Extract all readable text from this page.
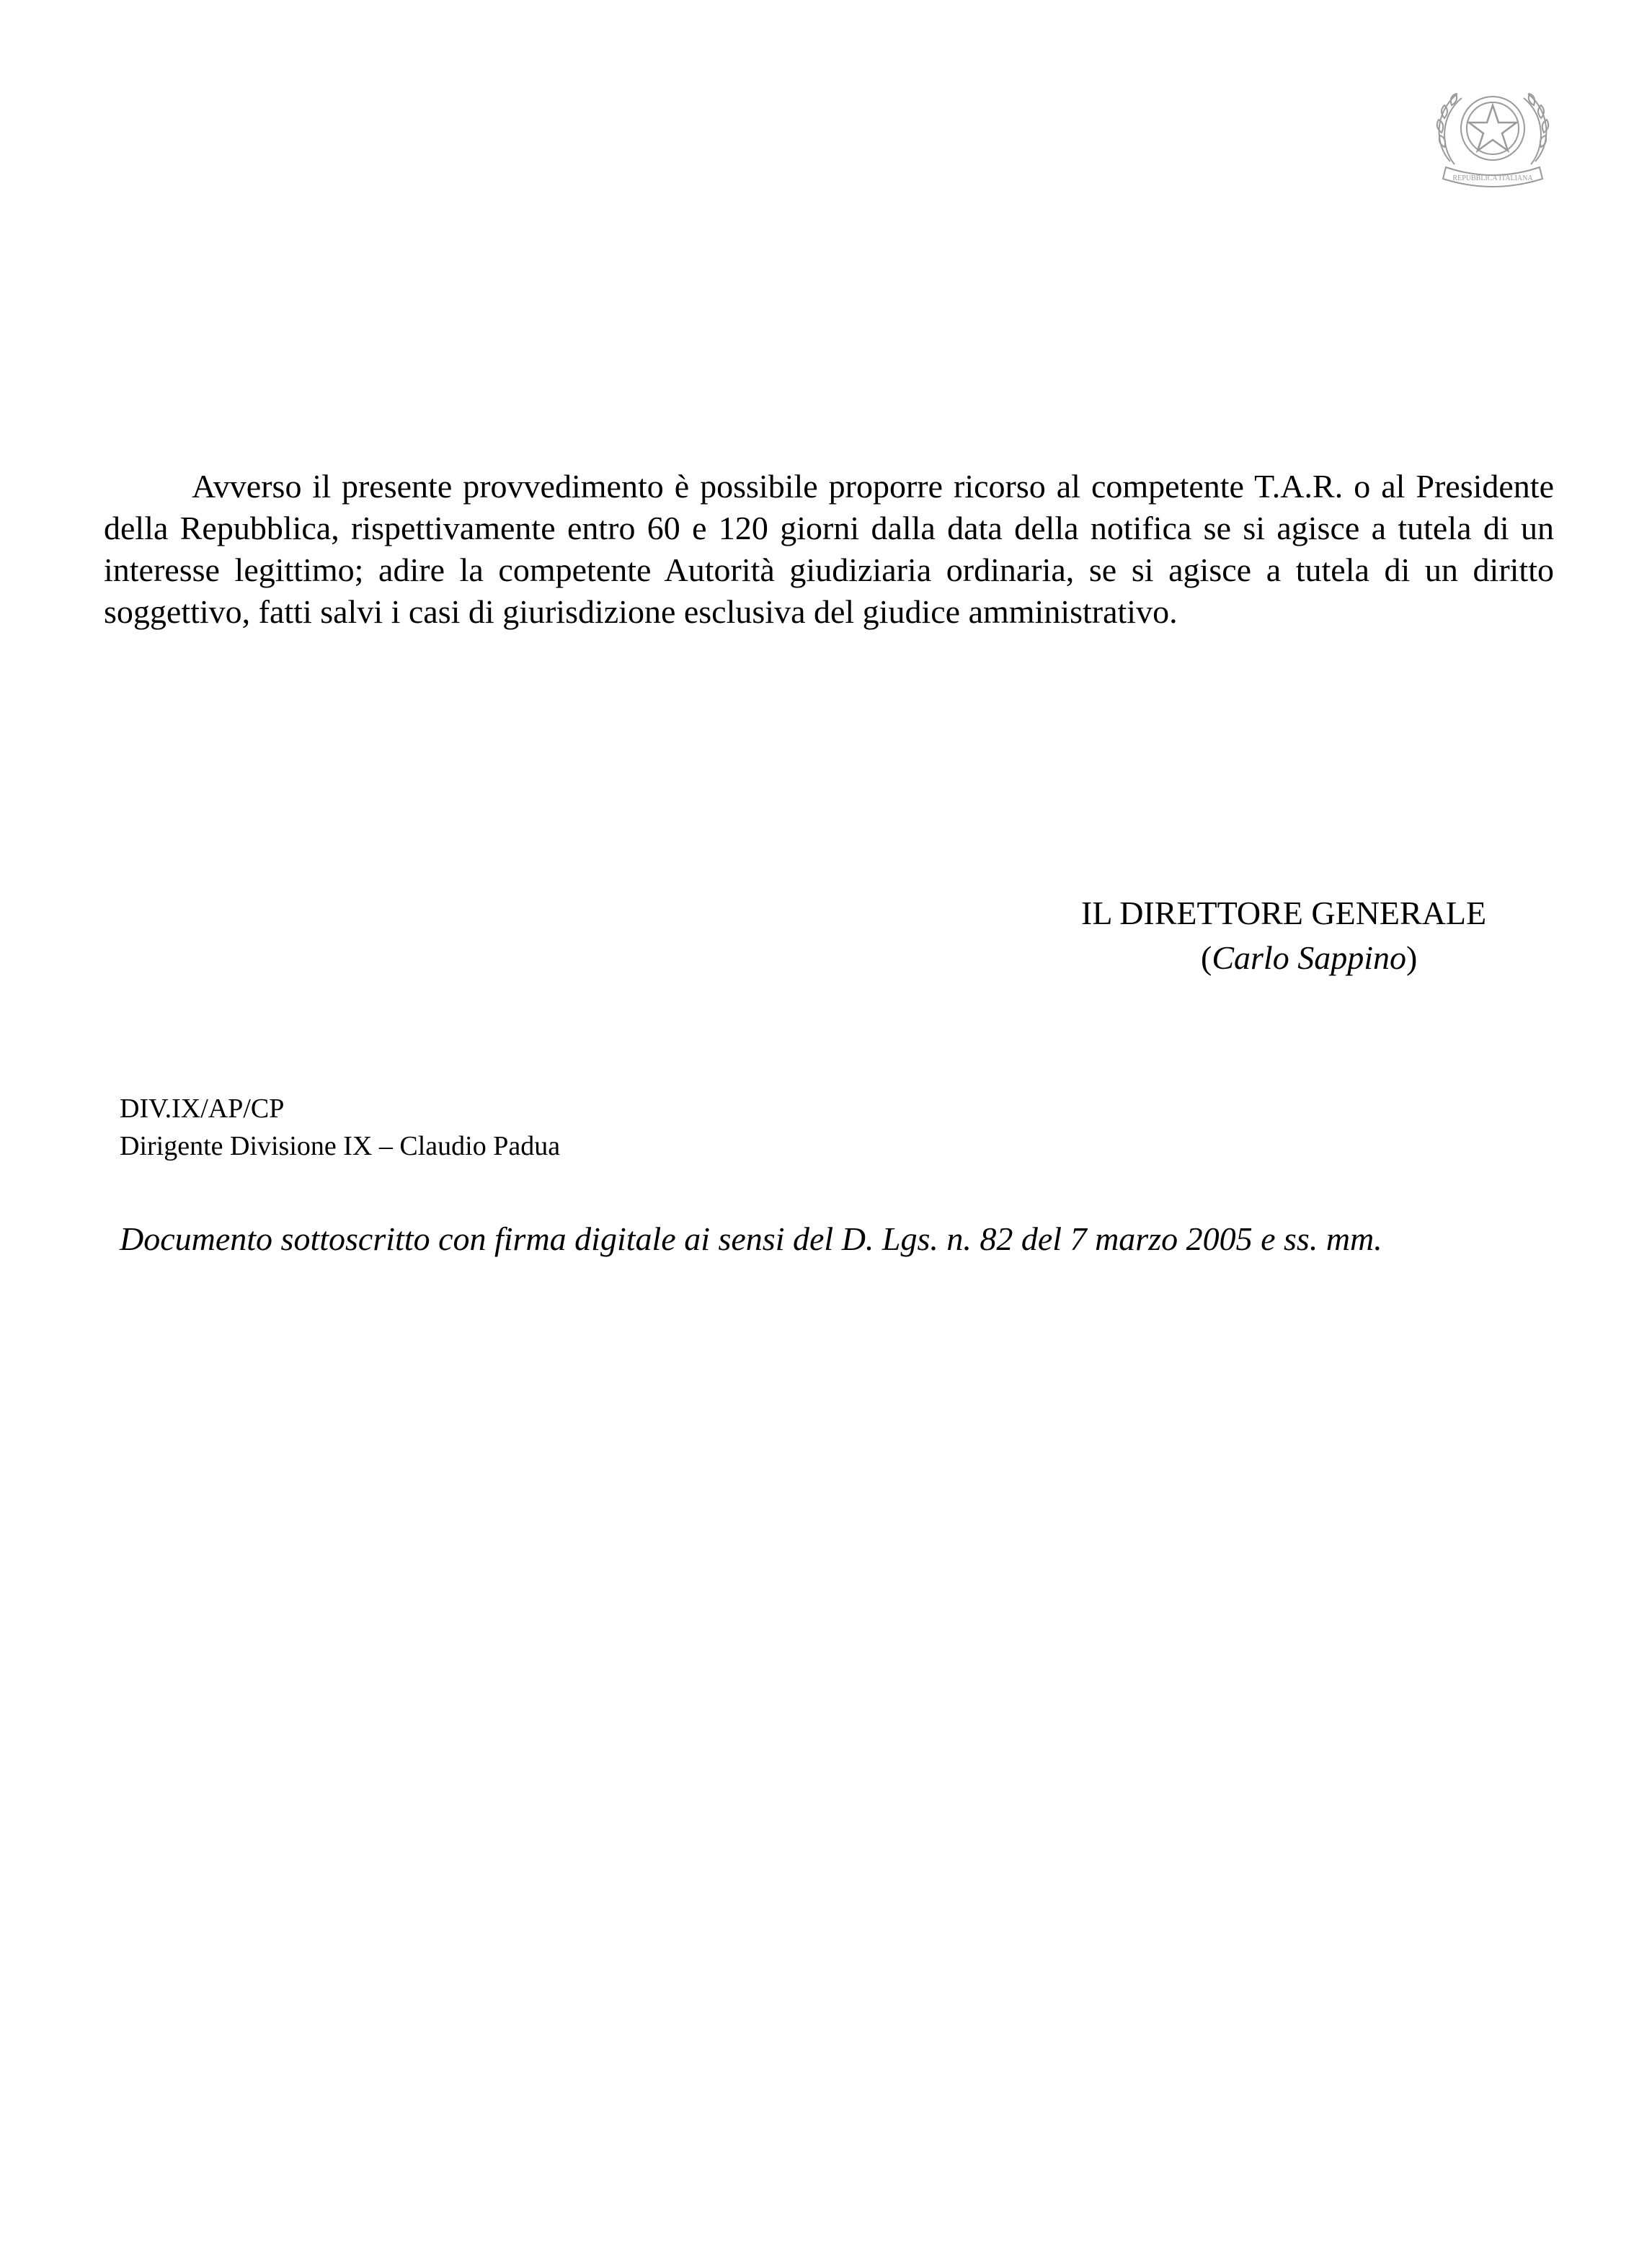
REPUBBLICA ITALIANA

Avverso il presente provvedimento è possibile proporre ricorso al competente T.A.R. o al Presidente della Repubblica, rispettivamente entro 60 e 120 giorni dalla data della notifica se si agisce a tutela di un interesse legittimo; adire la competente Autorità giudiziaria ordinaria, se si agisce a tutela di un diritto soggettivo, fatti salvi i casi di giurisdizione esclusiva del giudice amministrativo.

IL DIRETTORE GENERALE
(Carlo Sappino)
DIV.IX/AP/CP
Dirigente Divisione IX – Claudio Padua
Documento sottoscritto con firma digitale ai sensi del D. Lgs. n. 82 del 7 marzo 2005 e ss. mm.
